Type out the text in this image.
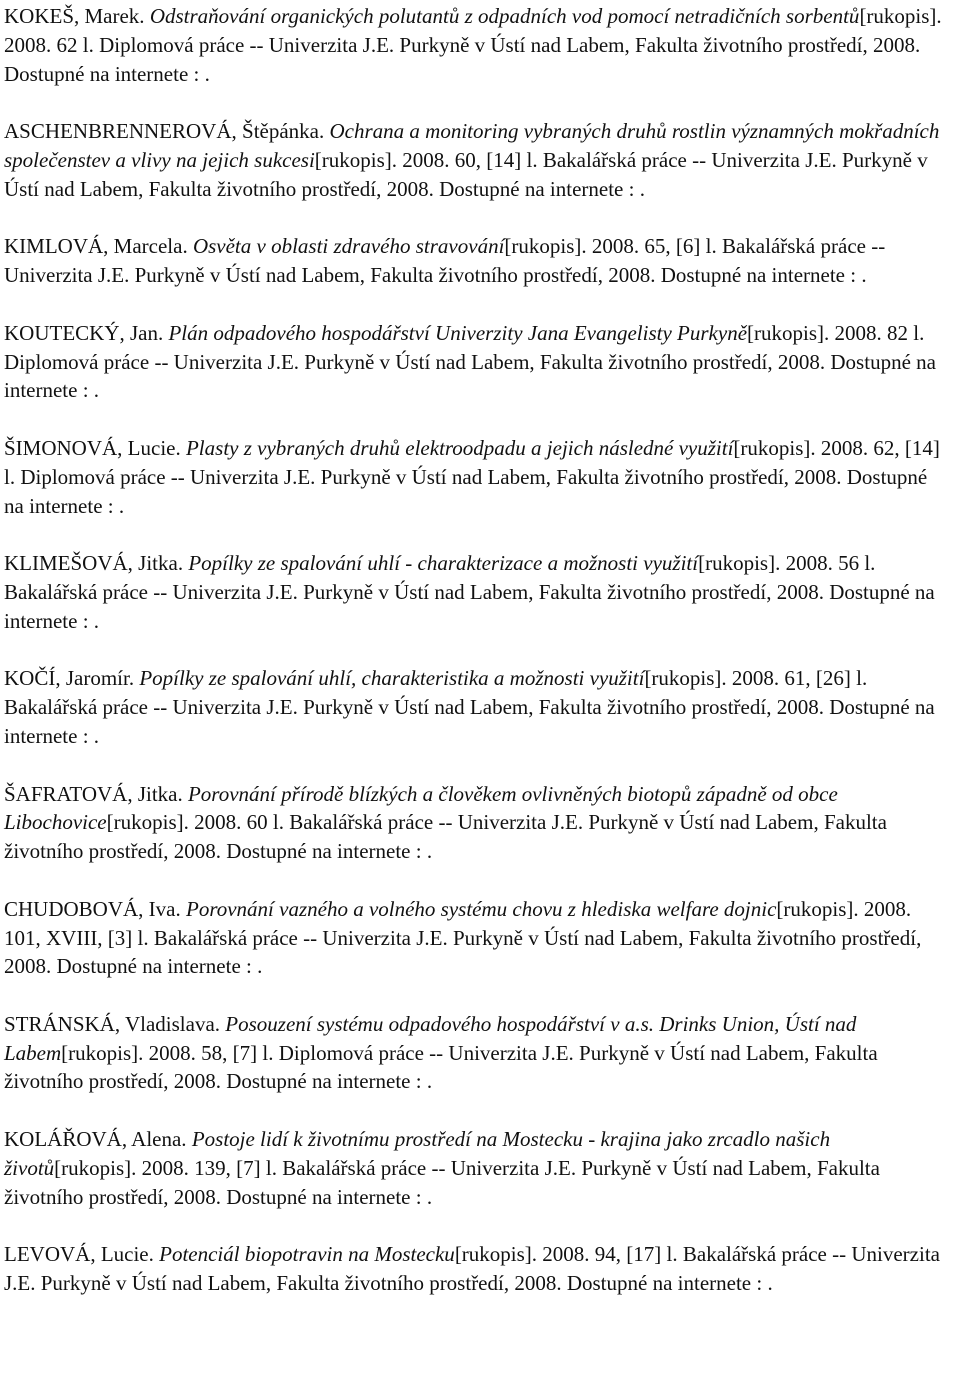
KOKEŠ, Marek. Odstraňování organických polutantů z odpadních vod pomocí netradičních sorbentů[rukopis]. 2008. 62 l. Diplomová práce -- Univerzita J.E. Purkyně v Ústí nad Labem, Fakulta životního prostředí, 2008. Dostupné na internete : .

ASCHENBRENNEROVÁ, Štěpánka. Ochrana a monitoring vybraných druhů rostlin významných mokřadních společenstev a vlivy na jejich sukcesi[rukopis]. 2008. 60, [14] l. Bakalářská práce -- Univerzita J.E. Purkyně v Ústí nad Labem, Fakulta životního prostředí, 2008. Dostupné na internete : .

KIMLOVÁ, Marcela. Osvěta v oblasti zdravého stravování[rukopis]. 2008. 65, [6] l. Bakalářská práce -- Univerzita J.E. Purkyně v Ústí nad Labem, Fakulta životního prostředí, 2008. Dostupné na internete : .

KOUTECKÝ, Jan. Plán odpadového hospodářství Univerzity Jana Evangelisty Purkyně[rukopis]. 2008. 82 l. Diplomová práce -- Univerzita J.E. Purkyně v Ústí nad Labem, Fakulta životního prostředí, 2008. Dostupné na internete : .

ŠIMONOVÁ, Lucie. Plasty z vybraných druhů elektroodpadu a jejich následné využití[rukopis]. 2008. 62, [14] l. Diplomová práce -- Univerzita J.E. Purkyně v Ústí nad Labem, Fakulta životního prostředí, 2008. Dostupné na internete : .

KLIMEŠOVÁ, Jitka. Popílky ze spalování uhlí - charakterizace a možnosti využití[rukopis]. 2008. 56 l. Bakalářská práce -- Univerzita J.E. Purkyně v Ústí nad Labem, Fakulta životního prostředí, 2008. Dostupné na internete : .

KOČÍ, Jaromír. Popílky ze spalování uhlí, charakteristika a možnosti využití[rukopis]. 2008. 61, [26] l. Bakalářská práce -- Univerzita J.E. Purkyně v Ústí nad Labem, Fakulta životního prostředí, 2008. Dostupné na internete : .

ŠAFRATOVÁ, Jitka. Porovnání přírodě blízkých a člověkem ovlivněných biotopů západně od obce Libochovice[rukopis]. 2008. 60 l. Bakalářská práce -- Univerzita J.E. Purkyně v Ústí nad Labem, Fakulta životního prostředí, 2008. Dostupné na internete : .

CHUDOBOVÁ, Iva. Porovnání vazného a volného systému chovu z hlediska welfare dojnic[rukopis]. 2008. 101, XVIII, [3] l. Bakalářská práce -- Univerzita J.E. Purkyně v Ústí nad Labem, Fakulta životního prostředí, 2008. Dostupné na internete : .

STRÁNSKÁ, Vladislava. Posouzení systému odpadového hospodářství v a.s. Drinks Union, Ústí nad Labem[rukopis]. 2008. 58, [7] l. Diplomová práce -- Univerzita J.E. Purkyně v Ústí nad Labem, Fakulta životního prostředí, 2008. Dostupné na internete : .

KOLÁŘOVÁ, Alena. Postoje lidí k životnímu prostředí na Mostecku - krajina jako zrcadlo našich životů[rukopis]. 2008. 139, [7] l. Bakalářská práce -- Univerzita J.E. Purkyně v Ústí nad Labem, Fakulta životního prostředí, 2008. Dostupné na internete : .

LEVOVÁ, Lucie. Potenciál biopotravin na Mostecku[rukopis]. 2008. 94, [17] l. Bakalářská práce -- Univerzita J.E. Purkyně v Ústí nad Labem, Fakulta životního prostředí, 2008. Dostupné na internete : .
